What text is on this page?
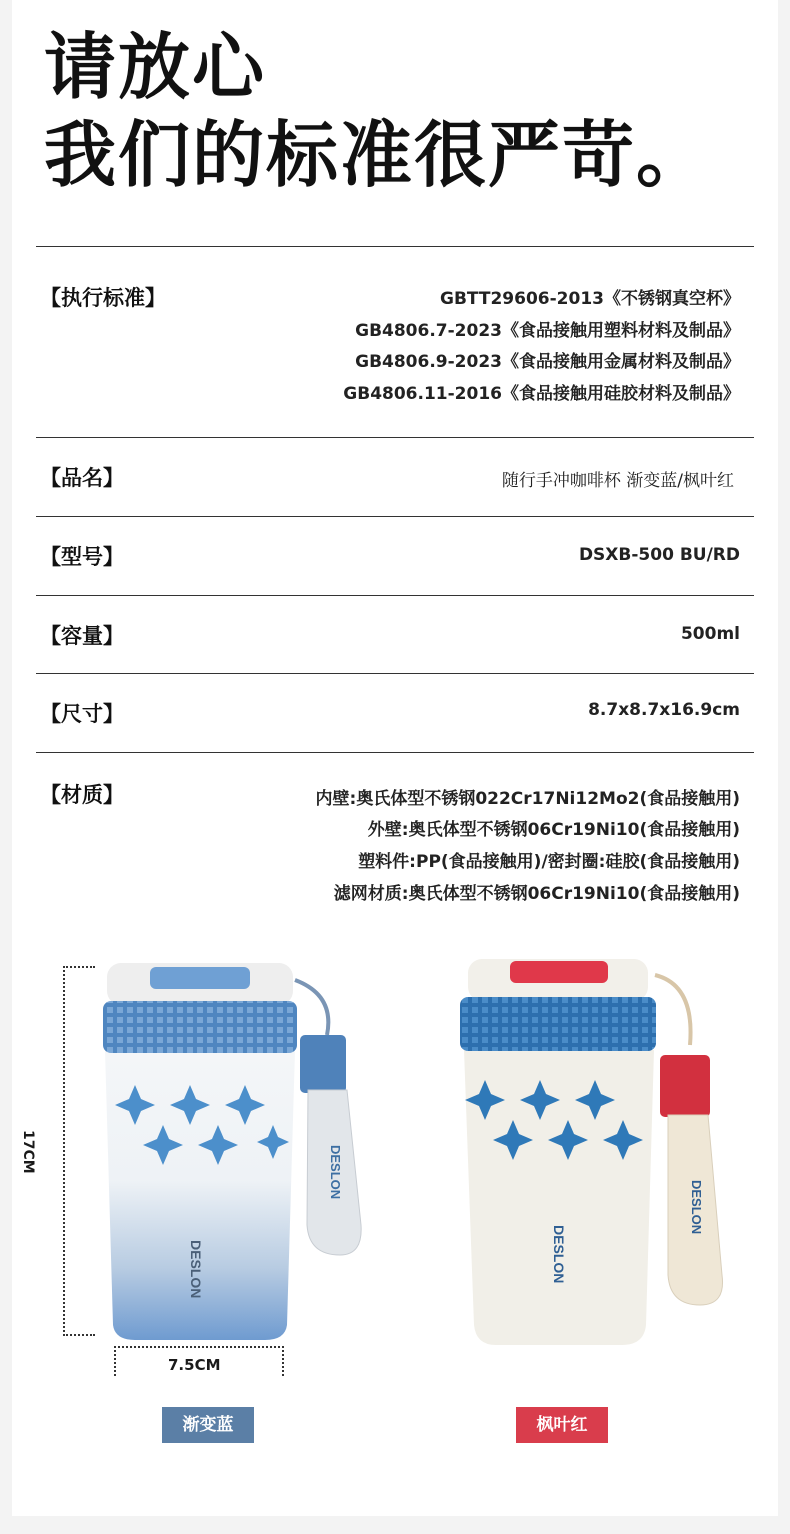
请放心
我们的标准很严苛。
【执行标准】	GBTT29606-2013《不锈钢真空杯》
GB4806.7-2023《食品接触用塑料材料及制品》
GB4806.9-2023《食品接触用金属材料及制品》
GB4806.11-2016《食品接触用硅胶材料及制品》
【品名】	随行手冲咖啡杯 渐变蓝/枫叶红
【型号】	DSXB-500 BU/RD
【容量】	500ml
【尺寸】	8.7x8.7x16.9cm
【材质】	内壁:奥氏体型不锈钢022Cr17Ni12Mo2(食品接触用)
外壁:奥氏体型不锈钢06Cr19Ni10(食品接触用)
塑料件:PP(食品接触用)/密封圈:硅胶(食品接触用)
滤网材质:奥氏体型不锈钢06Cr19Ni10(食品接触用)
17CM
7.5CM
DESLON
DESLON
DESLON
DESLON
渐变蓝	枫叶红
